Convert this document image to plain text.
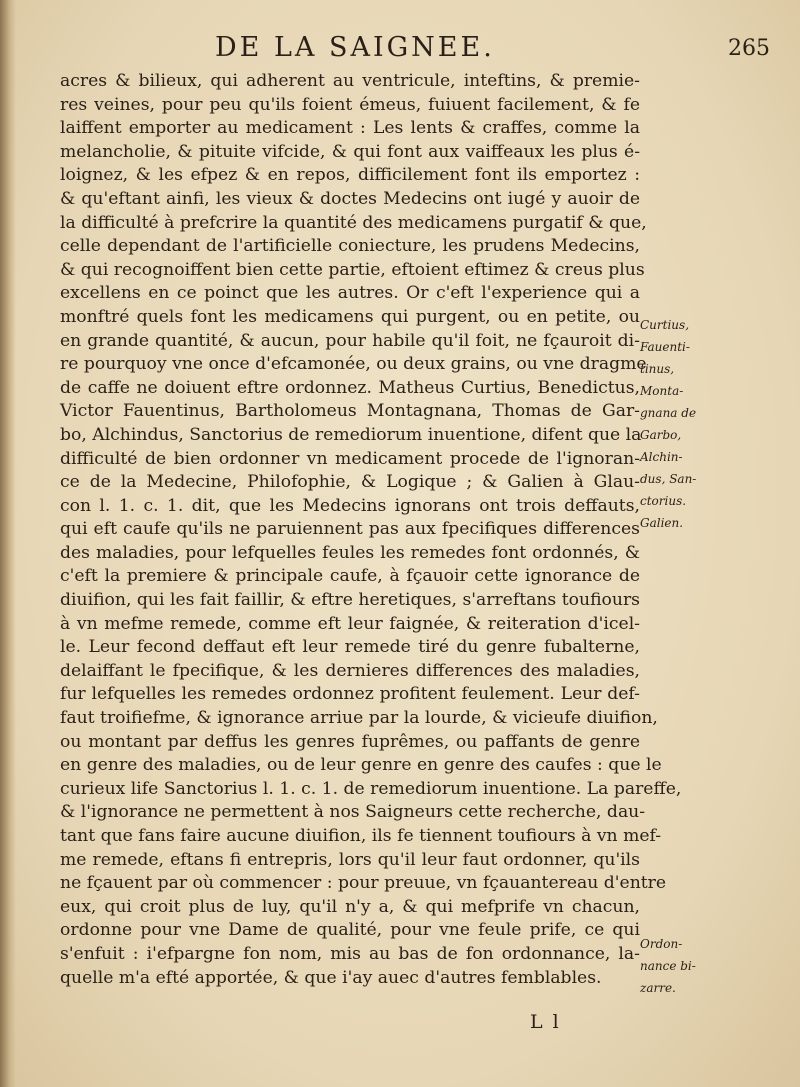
DE LA SAIGNEE.	265
acres & bilieux, qui adherent au ventricule, inteftins, & premie-
res veines, pour peu qu'ils foient émeus, fuiuent facilement, & fe
laiffent emporter au medicament : Les lents & craffes, comme la
melancholie, & pituite vifcide, & qui font aux vaiffeaux les plus é-
loignez, & les efpez & en repos, difficilement font ils emportez :
& qu'eftant ainfi, les vieux & doctes Medecins ont iugé y auoir de
la difficulté à prefcrire la quantité des medicamens purgatif & que,
celle dependant de l'artificielle coniecture, les prudens Medecins,
& qui recognoiffent bien cette partie, eftoient eftimez & creus plus
excellens en ce poinct que les autres. Or c'eft l'experience qui a
monftré quels font les medicamens qui purgent, ou en petite, ou
en grande quantité, & aucun, pour habile qu'il foit, ne fçauroit di-
re pourquoy vne once d'efcamonée, ou deux grains, ou vne dragme
de caffe ne doiuent eftre ordonnez. Matheus Curtius, Benedictus,
Victor Fauentinus, Bartholomeus Montagnana, Thomas de Gar-
bo, Alchindus, Sanctorius de remediorum inuentione, difent que la
difficulté de bien ordonner vn medicament procede de l'ignoran-
ce de la Medecine, Philofophie, & Logique ; & Galien à Glau-
con l. 1. c. 1. dit, que les Medecins ignorans ont trois deffauts,
qui eft caufe qu'ils ne paruiennent pas aux fpecifiques differences
des maladies, pour lefquelles feules les remedes font ordonnés, &
c'eft la premiere & principale caufe, à fçauoir cette ignorance de
diuifion, qui les fait faillir, & eftre heretiques, s'arreftans toufiours
à vn mefme remede, comme eft leur faignée, & reiteration d'icel-
le. Leur fecond deffaut eft leur remede tiré du genre fubalterne,
delaiffant le fpecifique, & les dernieres differences des maladies,
fur lefquelles les remedes ordonnez profitent feulement. Leur def-
faut troifiefme, & ignorance arriue par la lourde, & vicieufe diuifion,
ou montant par deffus les genres fuprêmes, ou paffants de genre
en genre des maladies, ou de leur genre en genre des caufes : que le
curieux life Sanctorius l. 1. c. 1. de remediorum inuentione. La pareffe,
& l'ignorance ne permettent à nos Saigneurs cette recherche, dau-
tant que fans faire aucune diuifion, ils fe tiennent toufiours à vn mef-
me remede, eftans fi entrepris, lors qu'il leur faut ordonner, qu'ils
ne fçauent par où commencer : pour preuue, vn fçauantereau d'entre
eux, qui croit plus de luy, qu'il n'y a, & qui mefprife vn chacun,
ordonne pour vne Dame de qualité, pour vne feule prife, ce qui
s'enfuit : i'efpargne fon nom, mis au bas de fon ordonnance, la-
quelle m'a efté apportée, & que i'ay auec d'autres femblables.
Curtius,
Fauenti-
tinus,
Monta-
gnana de
Garbo,
Alchin-
dus, San-
ctorius.
Galien.
Ordon-
nance bi-
zarre.
L l
